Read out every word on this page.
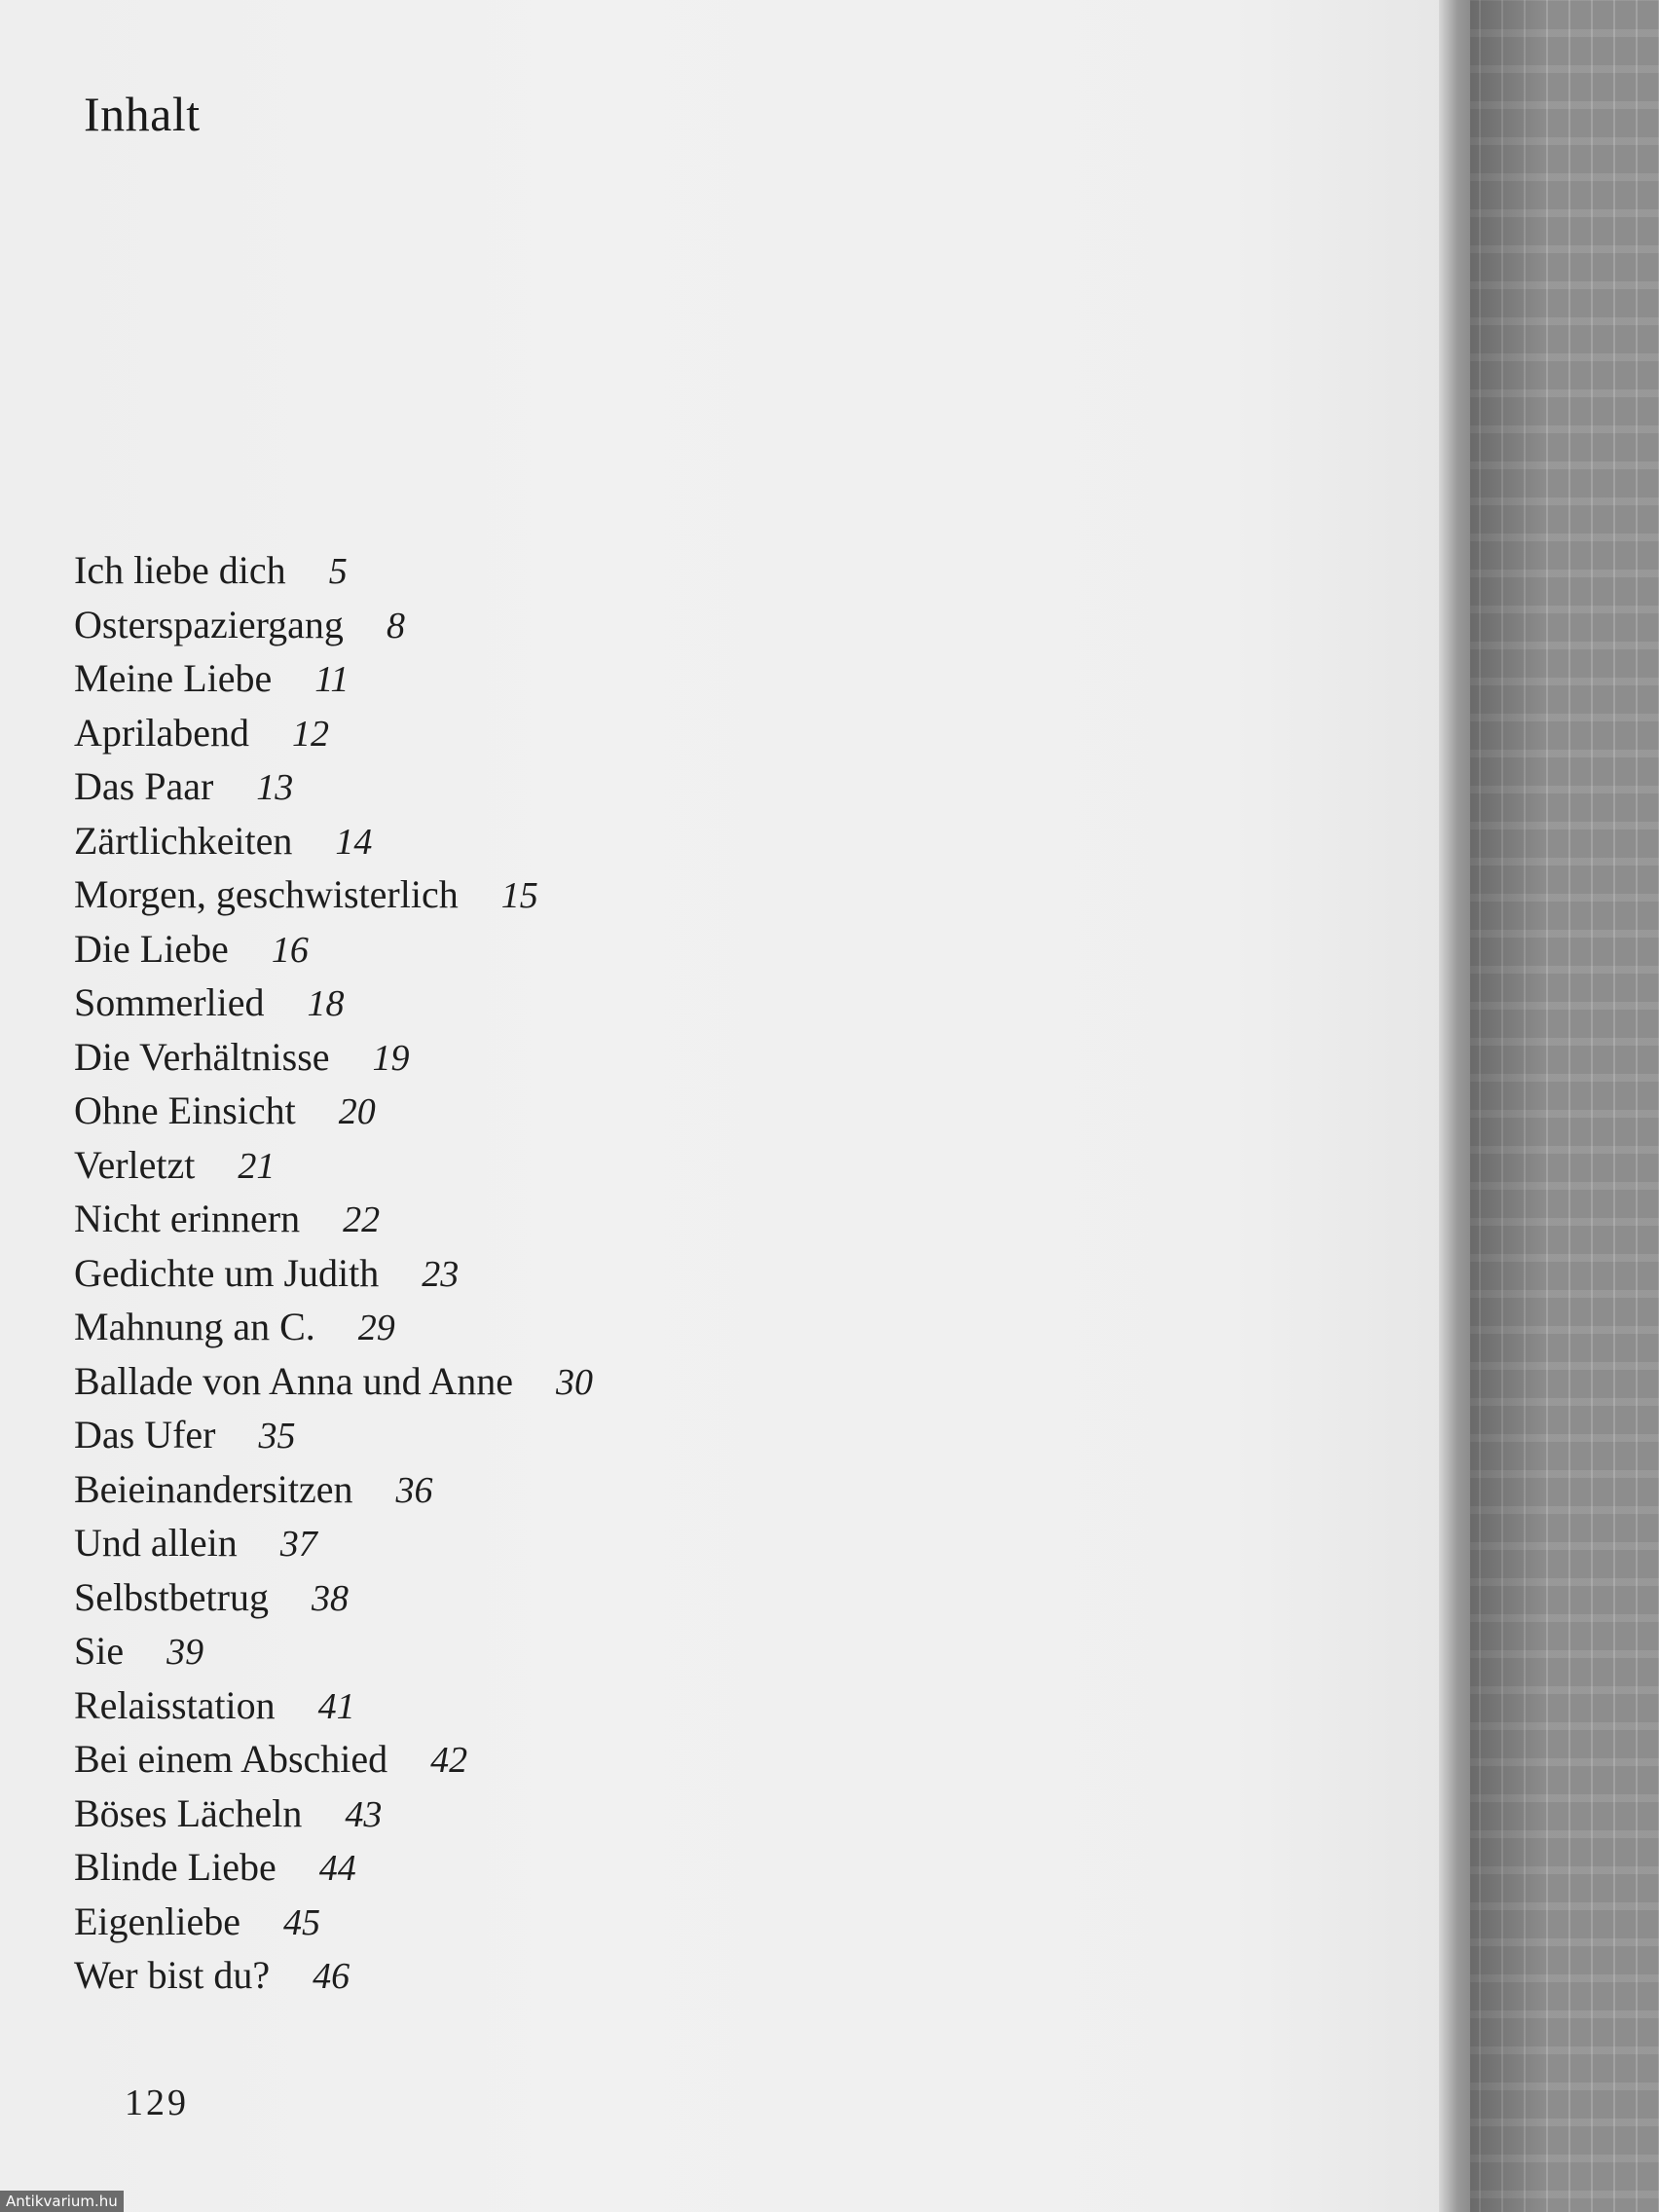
Inhalt
Ich liebe dich 5
Osterspaziergang 8
Meine Liebe 11
Aprilabend 12
Das Paar 13
Zärtlichkeiten 14
Morgen, geschwisterlich 15
Die Liebe 16
Sommerlied 18
Die Verhältnisse 19
Ohne Einsicht 20
Verletzt 21
Nicht erinnern 22
Gedichte um Judith 23
Mahnung an C. 29
Ballade von Anna und Anne 30
Das Ufer 35
Beieinandersitzen 36
Und allein 37
Selbstbetrug 38
Sie 39
Relaisstation 41
Bei einem Abschied 42
Böses Lächeln 43
Blinde Liebe 44
Eigenliebe 45
Wer bist du? 46
129
Antikvarium.hu
